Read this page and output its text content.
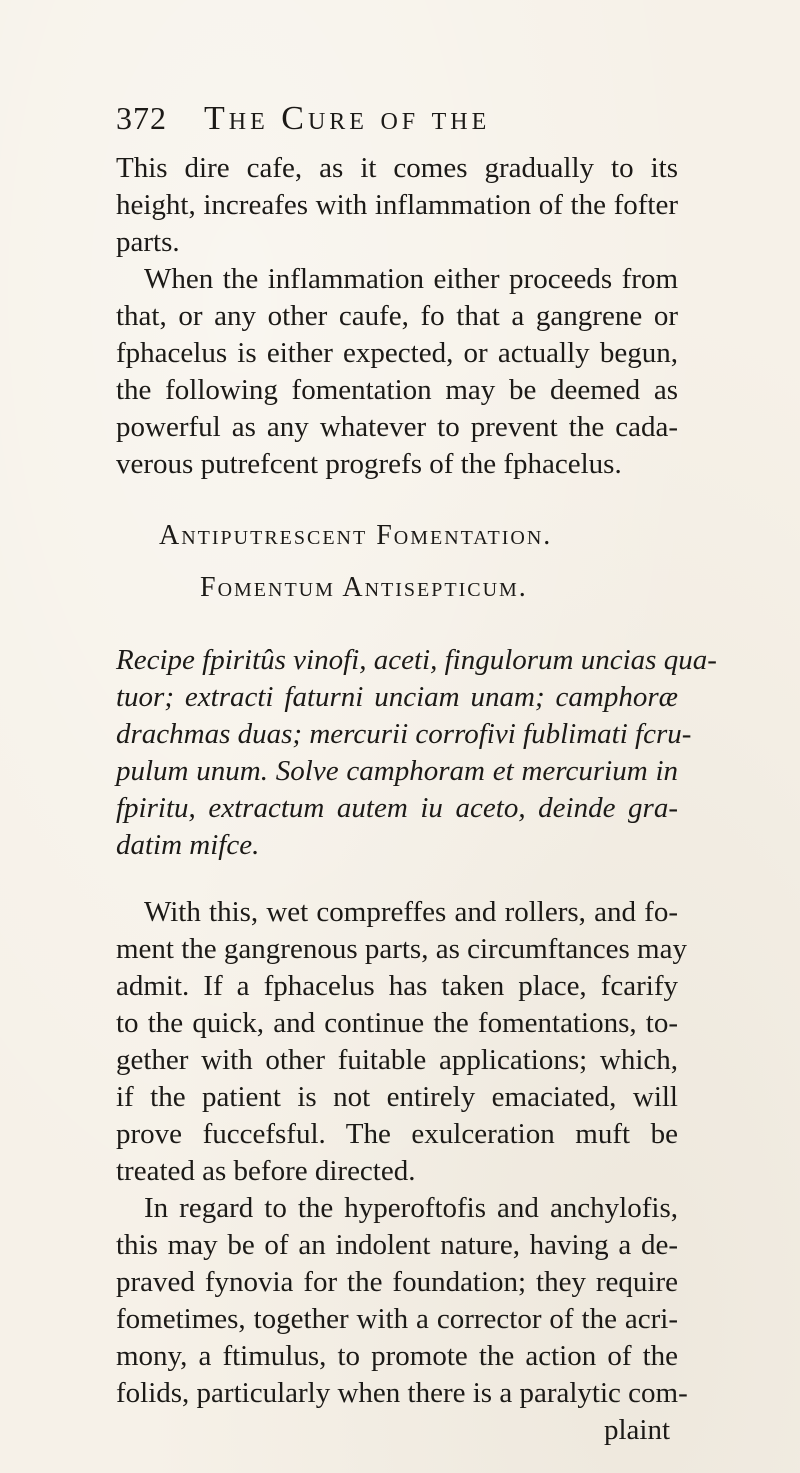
372 The Cure of the
This dire cafe, as it comes gradually to its
height, increafes with inflammation of the fofter
parts.
When the inflammation either proceeds from
that, or any other caufe, fo that a gangrene or
fphacelus is either expected, or actually begun,
the following fomentation may be deemed as
powerful as any whatever to prevent the cada-
verous putrefcent progrefs of the fphacelus.
Antiputrescent Fomentation.
Fomentum Antisepticum.
Recipe fpiritûs vinofi, aceti, fingulorum uncias qua-
tuor; extracti faturni unciam unam; camphoræ
drachmas duas; mercurii corrofivi fublimati fcru-
pulum unum. Solve camphoram et mercurium in
fpiritu, extractum autem iu aceto, deinde gra-
datim mifce.
With this, wet compreffes and rollers, and fo-
ment the gangrenous parts, as circumftances may
admit. If a fphacelus has taken place, fcarify
to the quick, and continue the fomentations, to-
gether with other fuitable applications; which,
if the patient is not entirely emaciated, will
prove fuccefsful. The exulceration muft be
treated as before directed.
In regard to the hyperoftofis and anchylofis,
this may be of an indolent nature, having a de-
praved fynovia for the foundation; they require
fometimes, together with a corrector of the acri-
mony, a ftimulus, to promote the action of the
folids, particularly when there is a paralytic com-
plaint
